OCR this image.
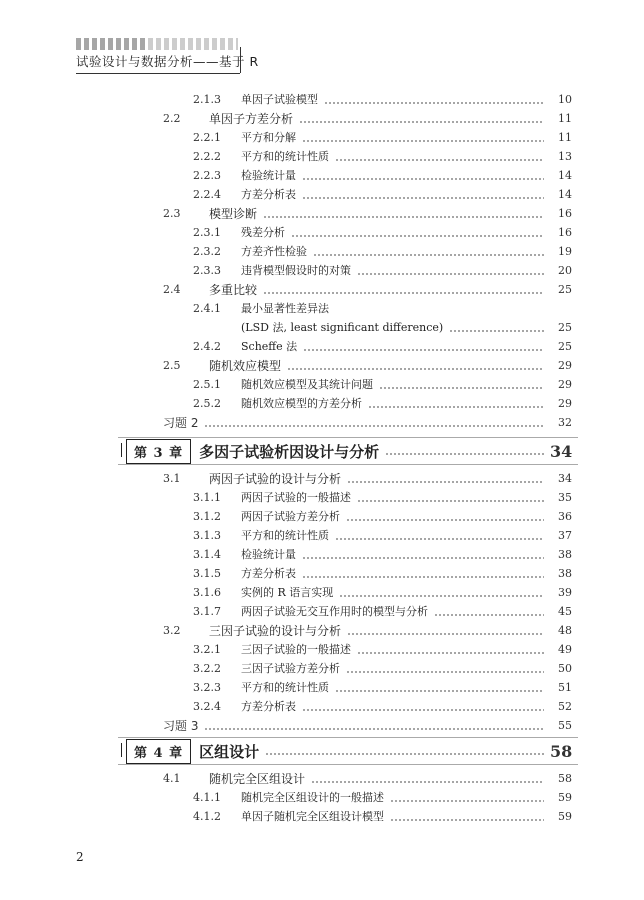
试验设计与数据分析——基于 R
2.1.3	单因子试验模型	10
2.2	单因子方差分析	11
2.2.1	平方和分解	11
2.2.2	平方和的统计性质	13
2.2.3	检验统计量	14
2.2.4	方差分析表	14
2.3	模型诊断	16
2.3.1	残差分析	16
2.3.2	方差齐性检验	19
2.3.3	违背模型假设时的对策	20
2.4	多重比较	25
2.4.1	最小显著性差异法
(LSD 法, least significant difference)	25
2.4.2	Scheffe 法	25
2.5	随机效应模型	29
2.5.1	随机效应模型及其统计问题	29
2.5.2	随机效应模型的方差分析	29
习题 2	32
第 3 章	多因子试验析因设计与分析	34
3.1	两因子试验的设计与分析	34
3.1.1	两因子试验的一般描述	35
3.1.2	两因子试验方差分析	36
3.1.3	平方和的统计性质	37
3.1.4	检验统计量	38
3.1.5	方差分析表	38
3.1.6	实例的 R 语言实现	39
3.1.7	两因子试验无交互作用时的模型与分析	45
3.2	三因子试验的设计与分析	48
3.2.1	三因子试验的一般描述	49
3.2.2	三因子试验方差分析	50
3.2.3	平方和的统计性质	51
3.2.4	方差分析表	52
习题 3	55
第 4 章	区组设计	58
4.1	随机完全区组设计	58
4.1.1	随机完全区组设计的一般描述	59
4.1.2	单因子随机完全区组设计模型	59
2
